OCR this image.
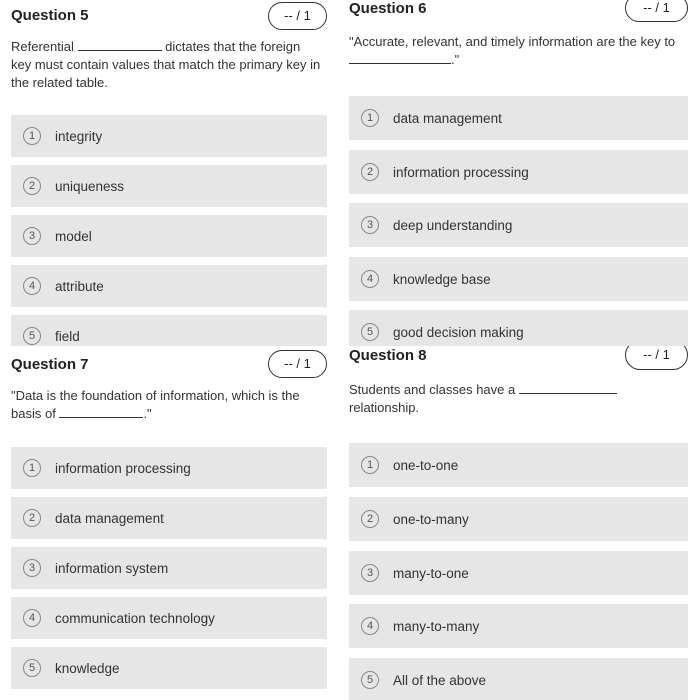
Question 5	-- / 1
Referential	dictates that the foreign key must contain values that match the primary key in the related table.
1	integrity
2	uniqueness
3	model
4	attribute
5	field
Question 6	-- / 1
"Accurate, relevant, and timely information are the key to ."
1	data management
2	information processing
3	deep understanding
4	knowledge base
5	good decision making
Question 7	-- / 1
"Data is the foundation of information, which is the basis of	."
1	information processing
2	data management
3	information system
4	communication technology
5	knowledge
Question 8	-- / 1
Students and classes have a  relationship.
1	one-to-one
2	one-to-many
3	many-to-one
4	many-to-many
5	All of the above
